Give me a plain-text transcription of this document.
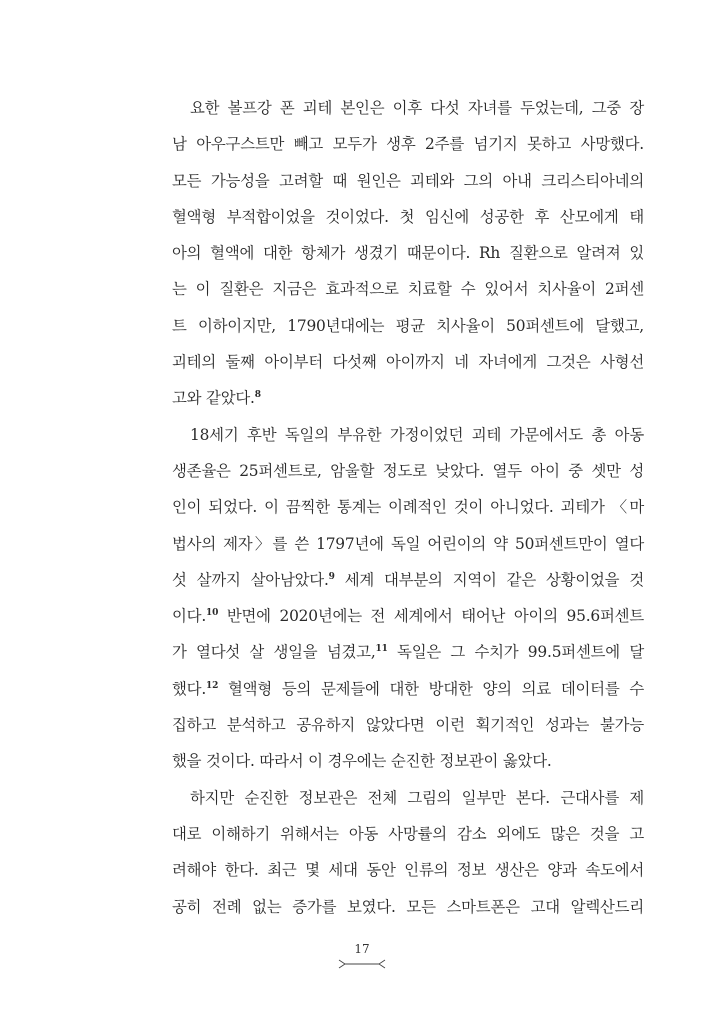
요한 볼프강 폰 괴테 본인은 이후 다섯 자녀를 두었는데, 그중 장
남 아우구스트만 빼고 모두가 생후 2주를 넘기지 못하고 사망했다.
모든 가능성을 고려할 때 원인은 괴테와 그의 아내 크리스티아네의
혈액형 부적합이었을 것이었다. 첫 임신에 성공한 후 산모에게 태
아의 혈액에 대한 항체가 생겼기 때문이다. Rh 질환으로 알려져 있
는 이 질환은 지금은 효과적으로 치료할 수 있어서 치사율이 2퍼센
트 이하이지만, 1790년대에는 평균 치사율이 50퍼센트에 달했고,
괴테의 둘째 아이부터 다섯째 아이까지 네 자녀에게 그것은 사형선
고와 같았다.$^8$
18세기 후반 독일의 부유한 가정이었던 괴테 가문에서도 총 아동
생존율은 25퍼센트로, 암울할 정도로 낮았다. 열두 아이 중 셋만 성
인이 되었다. 이 끔찍한 통계는 이례적인 것이 아니었다. 괴테가 〈마
법사의 제자〉를 쓴 1797년에 독일 어린이의 약 50퍼센트만이 열다
섯 살까지 살아남았다.$^9$ 세계 대부분의 지역이 같은 상황이었을 것
이다.$^{10}$ 반면에 2020년에는 전 세계에서 태어난 아이의 95.6퍼센트
가 열다섯 살 생일을 넘겼고,$^{11}$ 독일은 그 수치가 99.5퍼센트에 달
했다.$^{12}$ 혈액형 등의 문제들에 대한 방대한 양의 의료 데이터를 수
집하고 분석하고 공유하지 않았다면 이런 획기적인 성과는 불가능
했을 것이다. 따라서 이 경우에는 순진한 정보관이 옳았다.
하지만 순진한 정보관은 전체 그림의 일부만 본다. 근대사를 제
대로 이해하기 위해서는 아동 사망률의 감소 외에도 많은 것을 고
려해야 한다. 최근 몇 세대 동안 인류의 정보 생산은 양과 속도에서
공히 전례 없는 증가를 보였다. 모든 스마트폰은 고대 알렉산드리
17
